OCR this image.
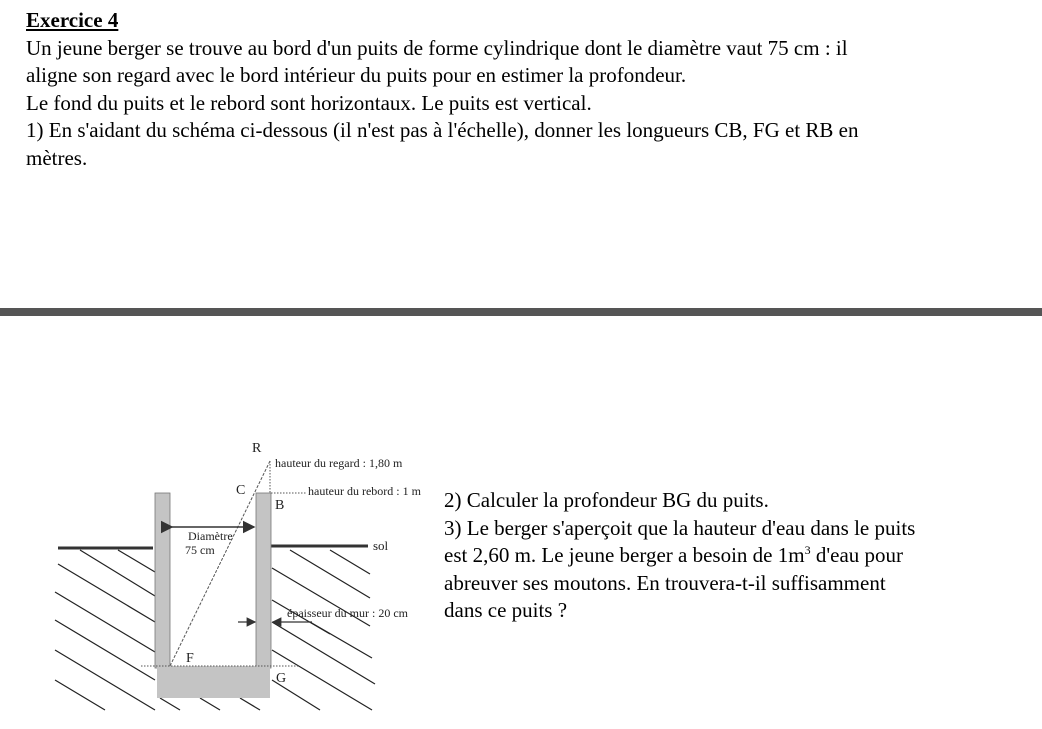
Exercice 4

Un jeune berger se trouve au bord d'un puits de forme cylindrique dont le diamètre vaut 75 cm : il

aligne son regard avec le bord intérieur du puits pour en estimer la profondeur.

Le fond du puits et le rebord sont horizontaux. Le puits est vertical.

1) En s'aidant du schéma ci-dessous (il n'est pas à l'échelle), donner les longueurs CB, FG et RB en

mètres.

R
C
B
F
G
hauteur du regard : 1,80 m
hauteur du rebord : 1 m
Diamètre
75 cm	sol
épaisseur du mur : 20 cm

2) Calculer la profondeur BG du puits.

3) Le berger s'aperçoit que la hauteur d'eau dans le puits

est 2,60 m. Le jeune berger a besoin de $1m^3$ d'eau pour

abreuver ses moutons. En trouvera-t-il suffisamment

dans ce puits ?
